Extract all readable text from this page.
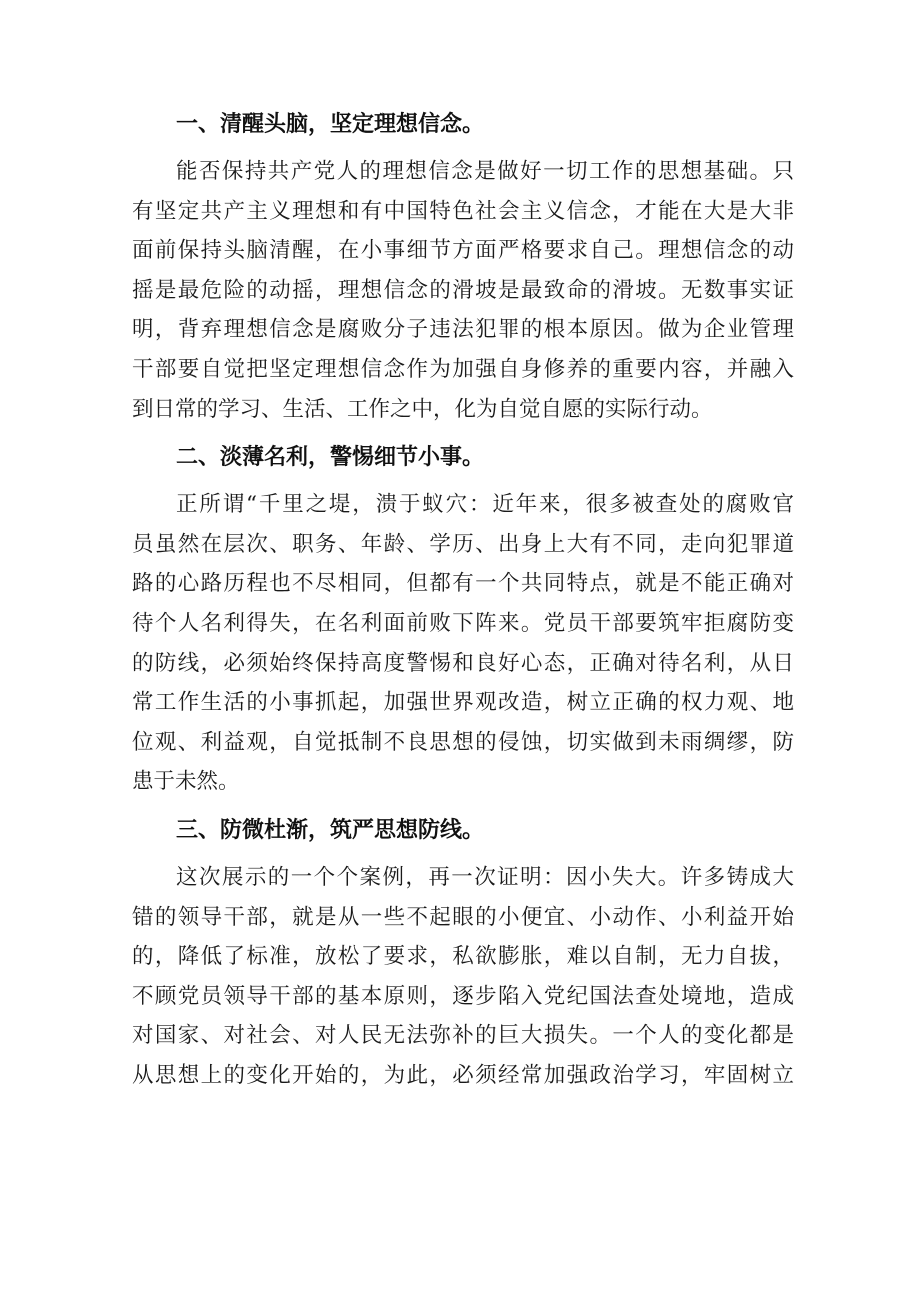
一、清醒头脑，坚定理想信念。

能否保持共产党人的理想信念是做好一切工作的思想基础。只
有坚定共产主义理想和有中国特色社会主义信念，才能在大是大非
面前保持头脑清醒，在小事细节方面严格要求自己。理想信念的动
摇是最危险的动摇，理想信念的滑坡是最致命的滑坡。无数事实证
明，背弃理想信念是腐败分子违法犯罪的根本原因。做为企业管理
干部要自觉把坚定理想信念作为加强自身修养的重要内容，并融入
到日常的学习、生活、工作之中，化为自觉自愿的实际行动。

二、淡薄名利，警惕细节小事。

正所谓“千里之堤，溃于蚁穴：近年来，很多被查处的腐败官
员虽然在层次、职务、年龄、学历、出身上大有不同，走向犯罪道
路的心路历程也不尽相同，但都有一个共同特点，就是不能正确对
待个人名利得失，在名利面前败下阵来。党员干部要筑牢拒腐防变
的防线，必须始终保持高度警惕和良好心态，正确对待名利，从日
常工作生活的小事抓起，加强世界观改造，树立正确的权力观、地
位观、利益观，自觉抵制不良思想的侵蚀，切实做到未雨绸缪，防
患于未然。

三、防微杜渐，筑严思想防线。

这次展示的一个个案例，再一次证明：因小失大。许多铸成大
错的领导干部，就是从一些不起眼的小便宜、小动作、小利益开始
的，降低了标准，放松了要求，私欲膨胀，难以自制，无力自拔，
不顾党员领导干部的基本原则，逐步陷入党纪国法查处境地，造成
对国家、对社会、对人民无法弥补的巨大损失。一个人的变化都是
从思想上的变化开始的，为此，必须经常加强政治学习，牢固树立
